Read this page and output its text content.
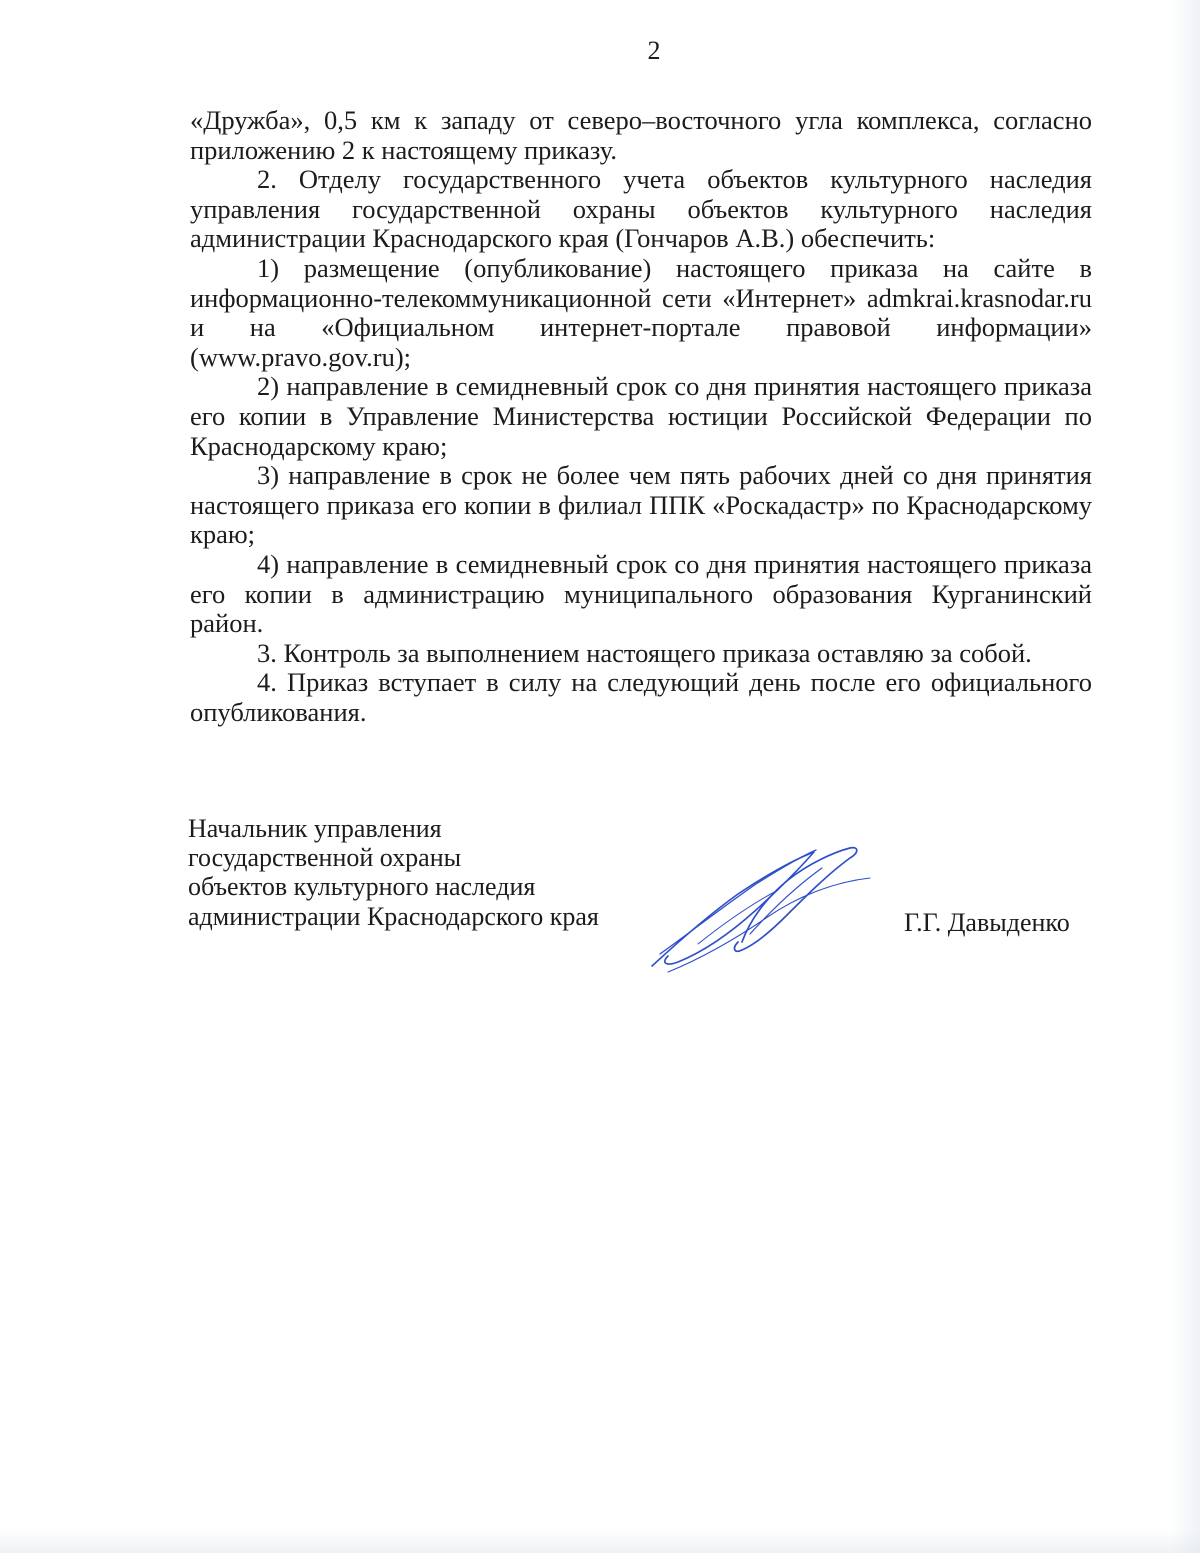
2

«Дружба», 0,5 км к западу от северо–восточного угла комплекса, согласно приложению 2 к настоящему приказу.

2. Отделу государственного учета объектов культурного наследия управления государственной охраны объектов культурного наследия администрации Краснодарского края (Гончаров А.В.) обеспечить:

1) размещение (опубликование) настоящего приказа на сайте в информационно-телекоммуникационной сети «Интернет» admkrai.krasnodar.ru и на «Официальном интернет-портале правовой информации» (www.pravo.gov.ru);

2) направление в семидневный срок со дня принятия настоящего приказа его копии в Управление Министерства юстиции Российской Федерации по Краснодарскому краю;

3) направление в срок не более чем пять рабочих дней со дня принятия настоящего приказа его копии в филиал ППК «Роскадастр» по Краснодарскому краю;

4) направление в семидневный срок со дня принятия настоящего приказа его копии в администрацию муниципального образования Курганинский район.

3. Контроль за выполнением настоящего приказа оставляю за собой.

4. Приказ вступает в силу на следующий день после его официального опубликования.

Начальник управления
государственной охраны
объектов культурного наследия
администрации Краснодарского края	Г.Г. Давыденко
